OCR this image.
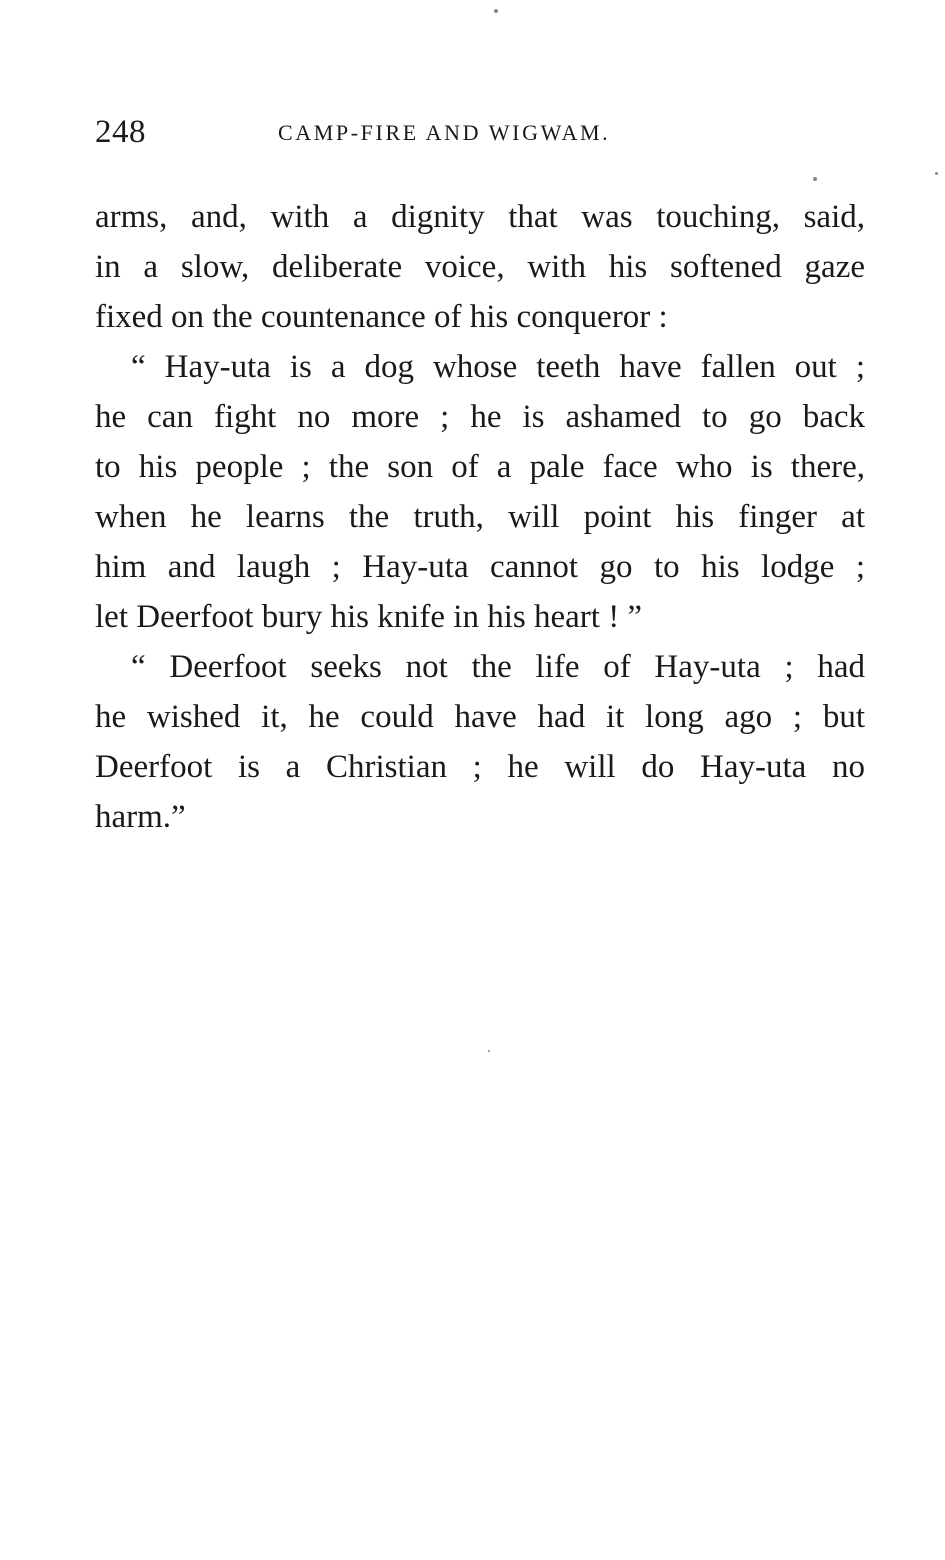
248	CAMP-FIRE AND WIGWAM.
arms, and, with a dignity that was touching, said,
in a slow, deliberate voice, with his softened gaze
fixed on the countenance of his conqueror :
“ Hay-uta is a dog whose teeth have fallen out ;
he can fight no more ; he is ashamed to go back
to his people ; the son of a pale face who is there,
when he learns the truth, will point his finger at
him and laugh ; Hay-uta cannot go to his lodge ;
let Deerfoot bury his knife in his heart ! ”
“ Deerfoot seeks not the life of Hay-uta ; had
he wished it, he could have had it long ago ; but
Deerfoot is a Christian ; he will do Hay-uta no
harm.”
